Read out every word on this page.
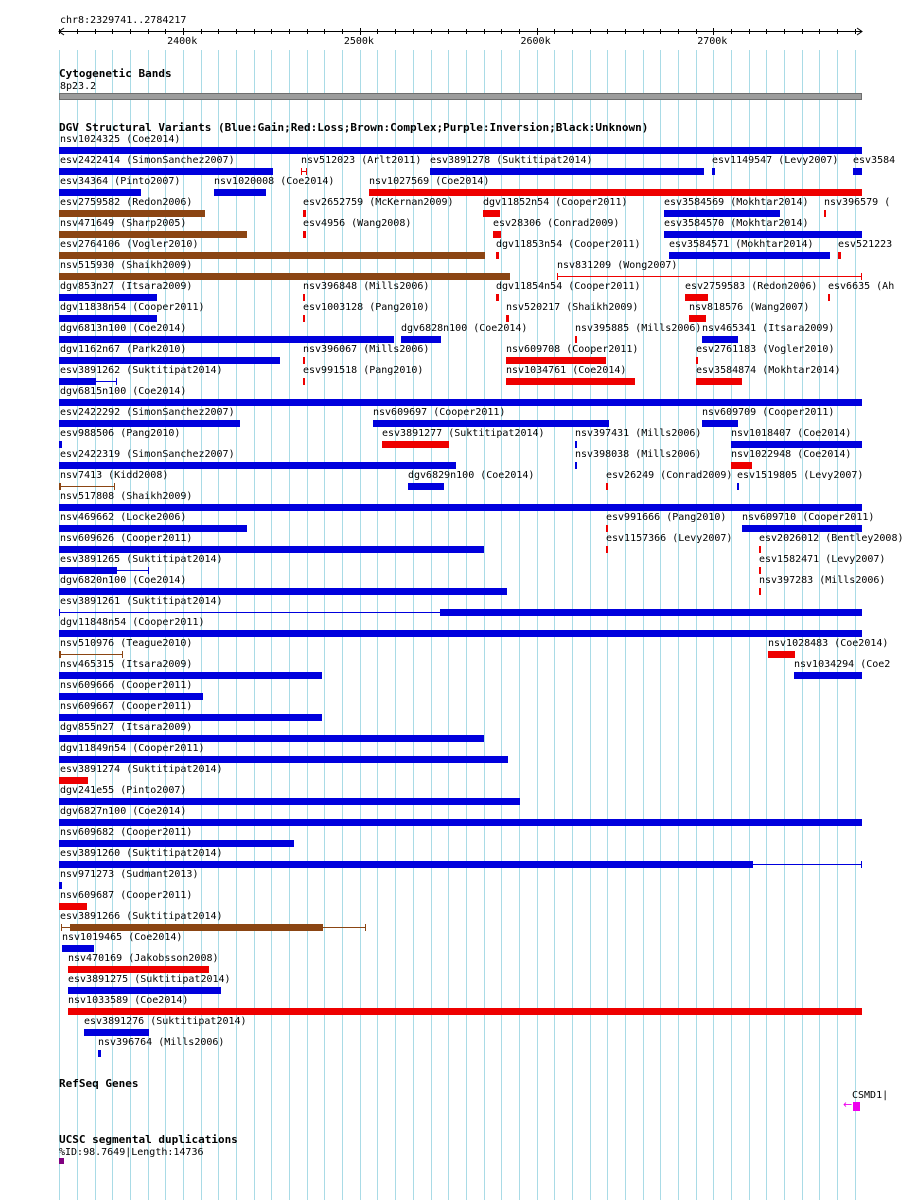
chr8:2329741..2784217
2400k	2500k	2600k	2700k
Cytogenetic Bands
8p23.2
DGV Structural Variants (Blue:Gain;Red:Loss;Brown:Complex;Purple:Inversion;Black:Unknown)
nsv1024325 (Coe2014)
esv2422414 (SimonSanchez2007)	nsv512023 (Arlt2011) esv3891278 (Suktitipat2014)	esv1149547 (Levy2007) esv3584
esv34364 (Pinto2007)	nsv1020008 (Coe2014)	nsv1027569 (Coe2014)
esv2759582 (Redon2006)	esv2652759 (McKernan2009)	dgv11852n54 (Cooper2011)	esv3584569 (Mokhtar2014) nsv396579 (
nsv471649 (Sharp2005)	esv4956 (Wang2008)	esv28306 (Conrad2009)	esv3584570 (Mokhtar2014)
esv2764106 (Vogler2010)	dgv11853n54 (Cooper2011)	esv3584571 (Mokhtar2014) esv521223
nsv515930 (Shaikh2009)	nsv831209 (Wong2007)
dgv853n27 (Itsara2009)	nsv396848 (Mills2006)	dgv11854n54 (Cooper2011)	esv2759583 (Redon2006) esv6635 (Ah
dgv11838n54 (Cooper2011)	esv1003128 (Pang2010)	nsv520217 (Shaikh2009)	nsv818576 (Wang2007)
dgv6813n100 (Coe2014)	dgv6828n100 (Coe2014)	nsv395885 (Mills2006) nsv465341 (Itsara2009)
dgv1162n67 (Park2010)	nsv396067 (Mills2006)	nsv609708 (Cooper2011)	esv2761183 (Vogler2010)
esv3891262 (Suktitipat2014)	esv991518 (Pang2010)	nsv1034761 (Coe2014)	esv3584874 (Mokhtar2014)
dgv6815n100 (Coe2014)
esv2422292 (SimonSanchez2007)	nsv609697 (Cooper2011)	nsv609709 (Cooper2011)
esv988506 (Pang2010)	esv3891277 (Suktitipat2014)	nsv397431 (Mills2006)	nsv1018407 (Coe2014)
esv2422319 (SimonSanchez2007)	nsv398038 (Mills2006)	nsv1022948 (Coe2014)
nsv7413 (Kidd2008)	dgv6829n100 (Coe2014)	esv26249 (Conrad2009) esv1519805 (Levy2007)
nsv517808 (Shaikh2009)
nsv469662 (Locke2006)	esv991666 (Pang2010) nsv609710 (Cooper2011)
nsv609626 (Cooper2011)	esv1157366 (Levy2007)	esv2026012 (Bentley2008)
esv3891265 (Suktitipat2014)	esv1582471 (Levy2007)
dgv6820n100 (Coe2014)	nsv397283 (Mills2006)
esv3891261 (Suktitipat2014)
dgv11848n54 (Cooper2011)
nsv510976 (Teague2010)	nsv1028483 (Coe2014)
nsv465315 (Itsara2009)	nsv1034294 (Coe2
nsv609666 (Cooper2011)
nsv609667 (Cooper2011)
dgv855n27 (Itsara2009)
dgv11849n54 (Cooper2011)
esv3891274 (Suktitipat2014)
dgv241e55 (Pinto2007)
dgv6827n100 (Coe2014)
nsv609682 (Cooper2011)
esv3891260 (Suktitipat2014)
nsv971273 (Sudmant2013)
nsv609687 (Cooper2011)
esv3891266 (Suktitipat2014)
nsv1019465 (Coe2014)
nsv470169 (Jakobsson2008)
esv3891275 (Suktitipat2014)
nsv1033589 (Coe2014)
esv3891276 (Suktitipat2014)
nsv396764 (Mills2006)
RefSeq Genes
CSMD1|
←
UCSC segmental duplications
%ID:98.7649|Length:14736
